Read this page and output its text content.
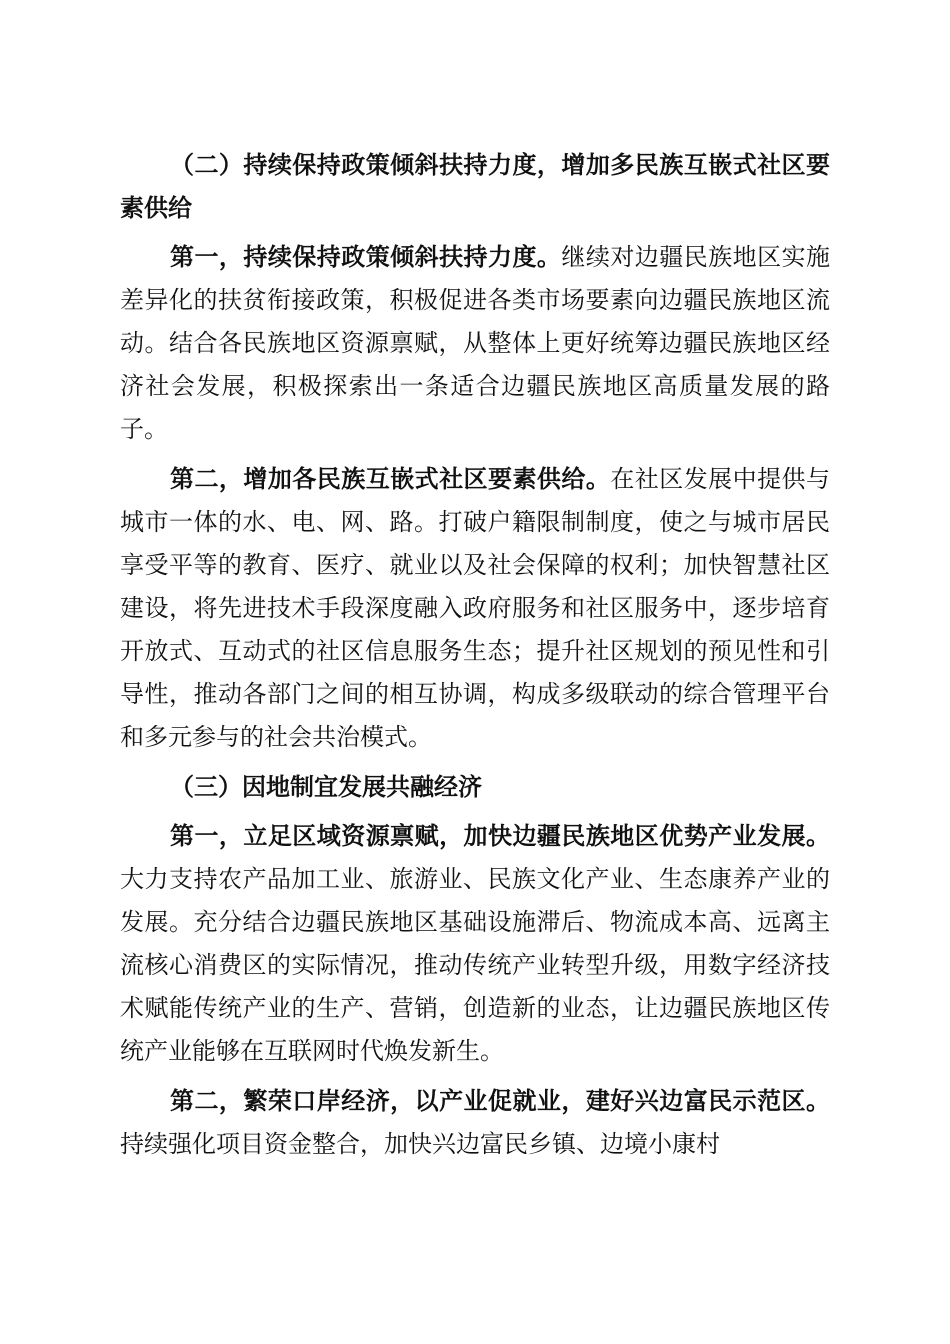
（二）持续保持政策倾斜扶持力度，增加多民族互嵌式社区要素供给

第一，持续保持政策倾斜扶持力度。继续对边疆民族地区实施差异化的扶贫衔接政策，积极促进各类市场要素向边疆民族地区流动。结合各民族地区资源禀赋，从整体上更好统筹边疆民族地区经济社会发展，积极探索出一条适合边疆民族地区高质量发展的路子。

第二，增加各民族互嵌式社区要素供给。在社区发展中提供与城市一体的水、电、网、路。打破户籍限制制度，使之与城市居民享受平等的教育、医疗、就业以及社会保障的权利；加快智慧社区建设，将先进技术手段深度融入政府服务和社区服务中，逐步培育开放式、互动式的社区信息服务生态；提升社区规划的预见性和引导性，推动各部门之间的相互协调，构成多级联动的综合管理平台和多元参与的社会共治模式。

（三）因地制宜发展共融经济

第一，立足区域资源禀赋，加快边疆民族地区优势产业发展。大力支持农产品加工业、旅游业、民族文化产业、生态康养产业的发展。充分结合边疆民族地区基础设施滞后、物流成本高、远离主流核心消费区的实际情况，推动传统产业转型升级，用数字经济技术赋能传统产业的生产、营销，创造新的业态，让边疆民族地区传统产业能够在互联网时代焕发新生。

第二，繁荣口岸经济，以产业促就业，建好兴边富民示范区。持续强化项目资金整合，加快兴边富民乡镇、边境小康村
